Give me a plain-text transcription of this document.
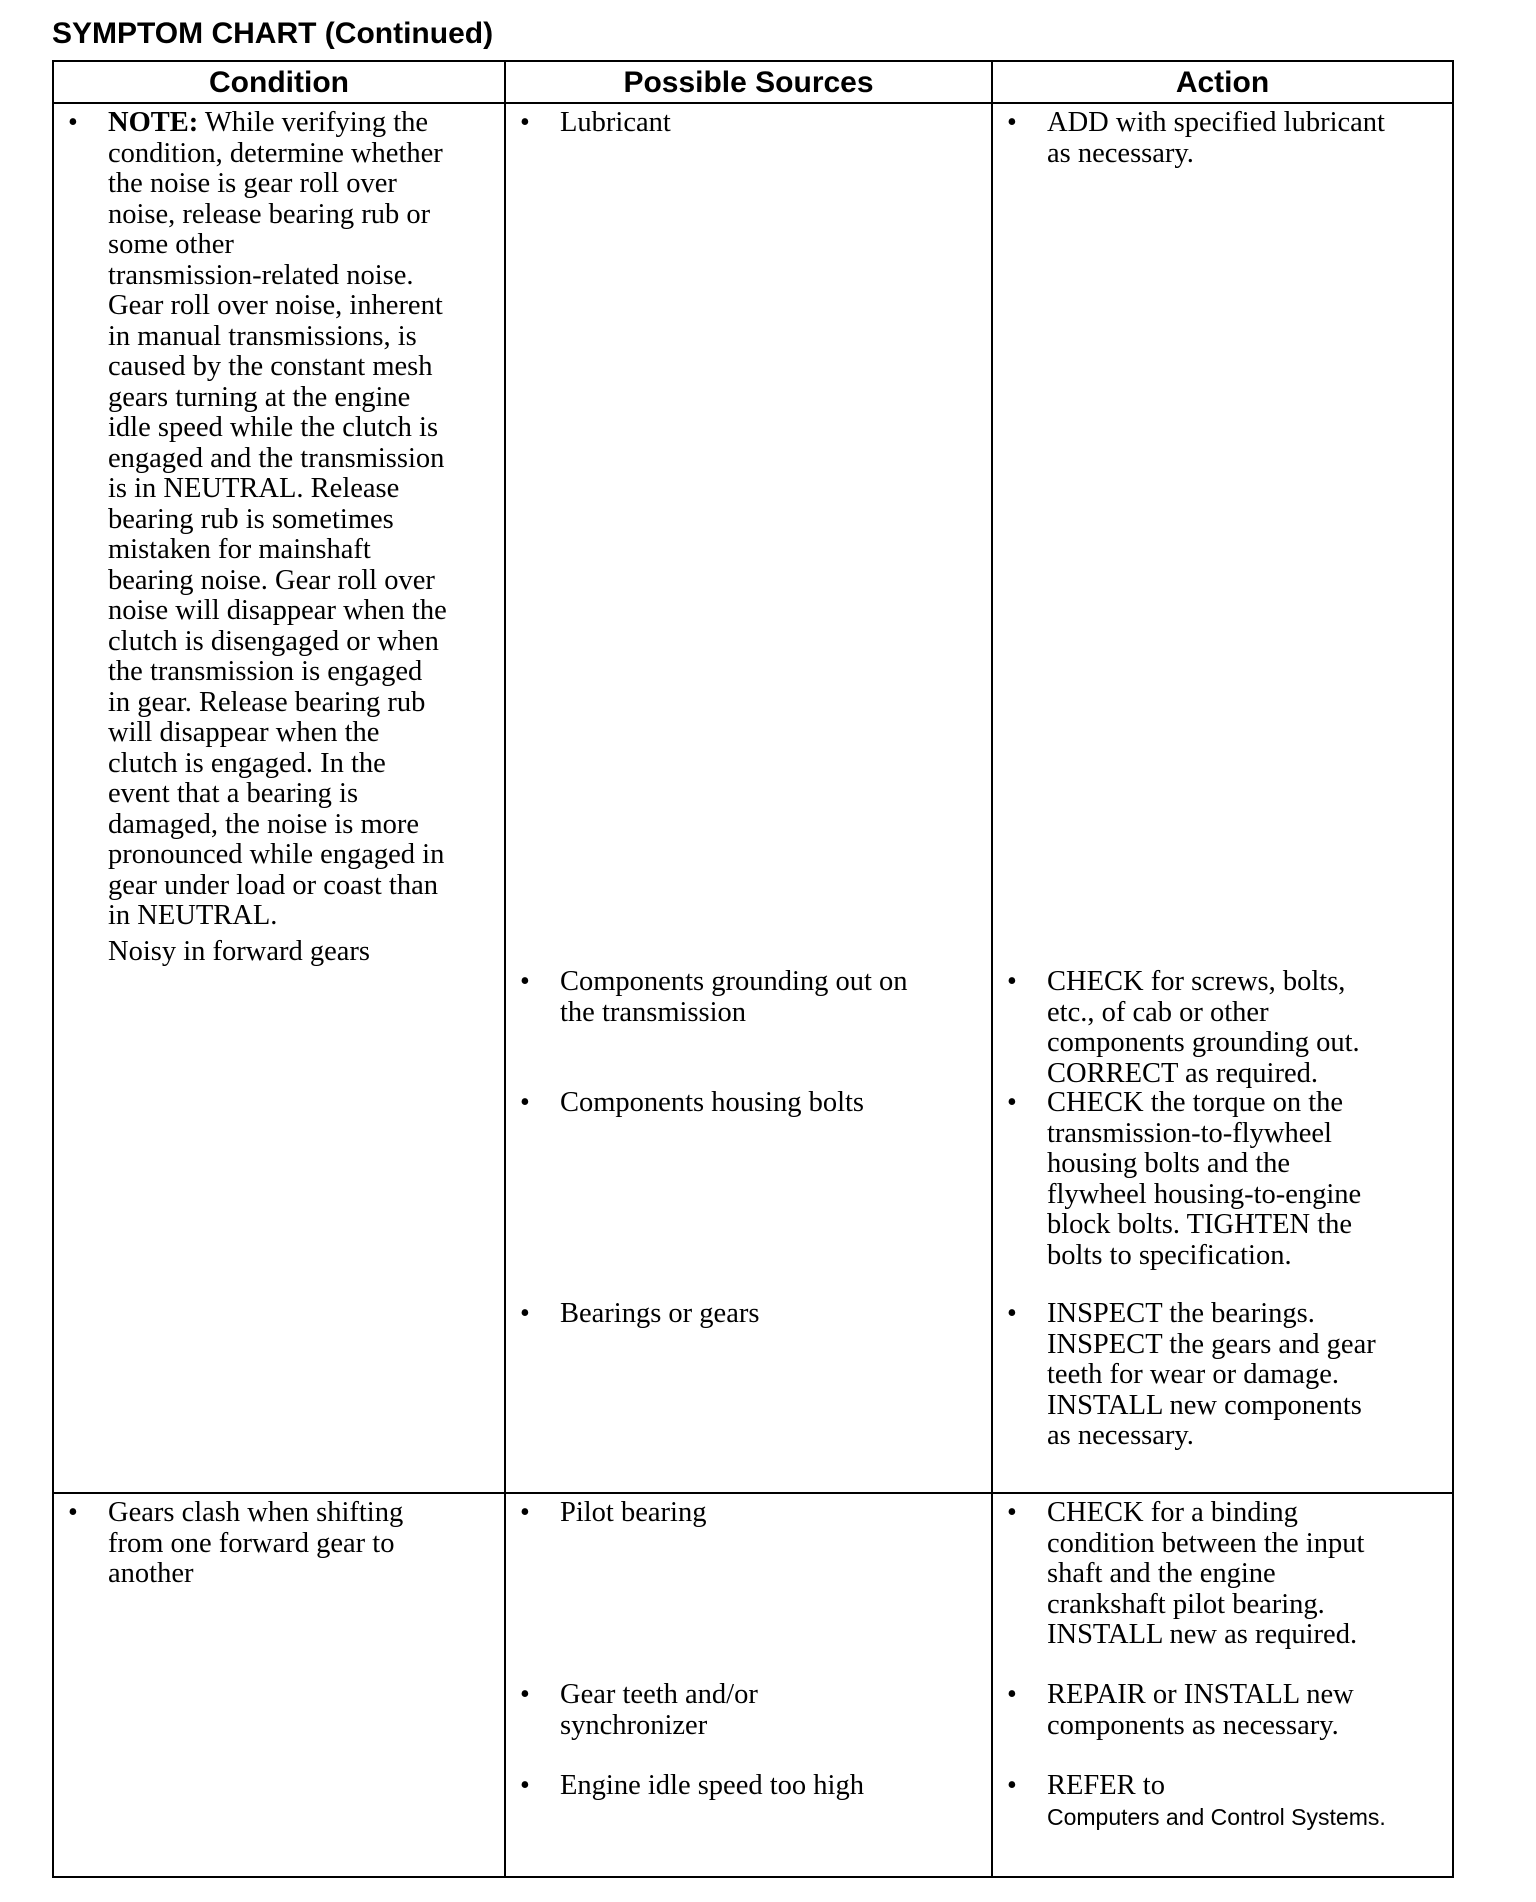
SYMPTOM CHART (Continued)
Condition	Possible Sources	Action
• NOTE: While verifying the
condition, determine whether
the noise is gear roll over
noise, release bearing rub or
some other
transmission-related noise.
Gear roll over noise, inherent
in manual transmissions, is
caused by the constant mesh
gears turning at the engine
idle speed while the clutch is
engaged and the transmission
is in NEUTRAL. Release
bearing rub is sometimes
mistaken for mainshaft
bearing noise. Gear roll over
noise will disappear when the
clutch is disengaged or when
the transmission is engaged
in gear. Release bearing rub
will disappear when the
clutch is engaged. In the
event that a bearing is
damaged, the noise is more
pronounced while engaged in
gear under load or coast than
in NEUTRAL.
Noisy in forward gears
• Lubricant
• Components grounding out on
the transmission
• Components housing bolts
• Bearings or gears
• ADD with specified lubricant
as necessary.
• CHECK for screws, bolts,
etc., of cab or other
components grounding out.
CORRECT as required.
• CHECK the torque on the
transmission-to-flywheel
housing bolts and the
flywheel housing-to-engine
block bolts. TIGHTEN the
bolts to specification.
• INSPECT the bearings.
INSPECT the gears and gear
teeth for wear or damage.
INSTALL new components
as necessary.
• Gears clash when shifting
from one forward gear to
another
• Pilot bearing
• Gear teeth and/or
synchronizer
• Engine idle speed too high
• CHECK for a binding
condition between the input
shaft and the engine
crankshaft pilot bearing.
INSTALL new as required.
• REPAIR or INSTALL new
components as necessary.
• REFER to
Computers and Control Systems.
